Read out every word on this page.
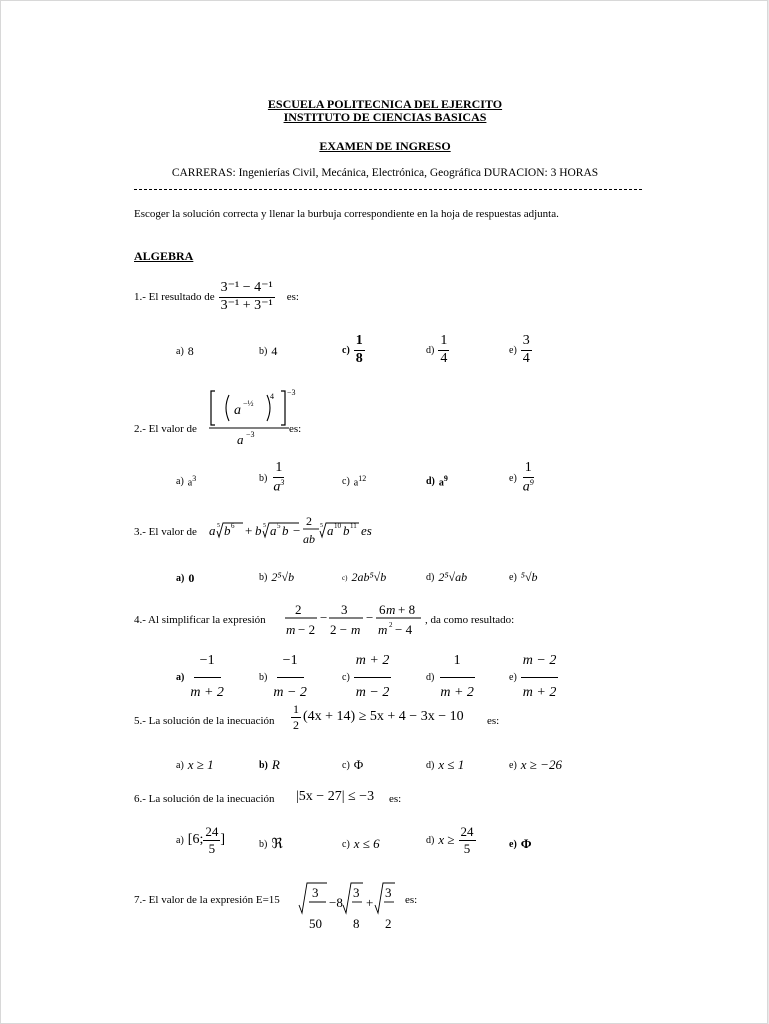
ESCUELA POLITECNICA DEL EJERCITO
INSTITUTO DE CIENCIAS BASICAS
EXAMEN DE INGRESO
CARRERAS: Ingenierías Civil, Mecánica, Electrónica, Geográfica DURACION: 3 HORAS
Escoger la solución correcta y llenar la burbuja correspondiente en la hoja de respuestas adjunta.
ALGEBRA
1.- El resultado de $\frac{\text{3⁻¹ − 4⁻¹}}{\text{3⁻¹ + 3⁻¹}}$ es:
a) 8	b) 4	$c) \frac{1}{8}$	$d) \frac{1}{4}$	$e) \frac{3}{4}$
2.- El valor de
a −½
4 −3
a −3	es:
a) $a^3$	$b) \frac{1}{a^3}$	c) $a^{12}$	d) $a^9$	$e) \frac{1}{a^9}$
3.- El valor de a 5 b 6 + b 5 a 5 b −
2
ab
5 a 10 b 11 es
a) 0	b) 2⁵√b	c) 2ab⁵√b	d) 2⁵√ab	e) ⁵√b
4.- Al simplificar la expresión
2
m − 2
−
3
2 − m
−
6 m + 8
m 2 − 4
, da como resultado:
$a) \frac{-1}{m + 2}$	$b) \frac{-1}{m - 2}$	$c) \frac{m + 2}{m - 2}$	$d) \frac{1}{m + 2}$	$e) \frac{m - 2}{m + 2}$
5.- La solución de la inecuación $\frac{1}{2} (4x + 14) \ge 5x + 4 - 3x - 10$ es:
a) x ≥ 1	b) R	c) Φ	d) x ≤ 1	e) x ≥ −26
6.- La solución de la inecuación |5x − 27| ≤ −3 es:
a) [6; $\frac{24}{5}$ ]	b) ℜ	c) x ≤ 6	d) $x \ge \frac{24}{5}$	e) Φ
7.- El valor de la expresión E=15 3
50
−8
3
8
+
3
2
es:
